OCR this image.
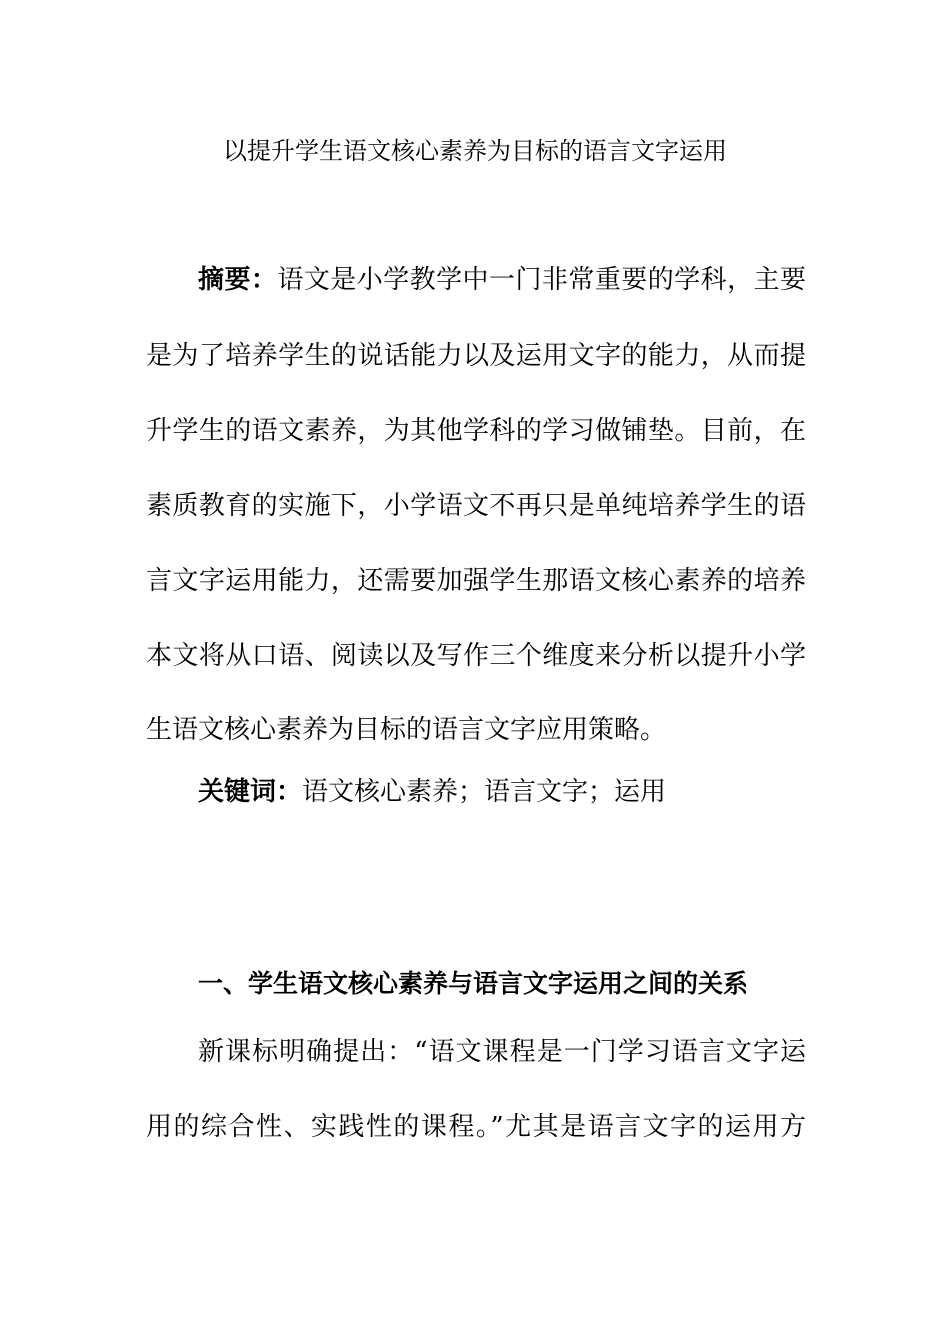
以提升学生语文核心素养为目标的语言文字运用
摘要：语文是小学教学中一门非常重要的学科，主要
是为了培养学生的说话能力以及运用文字的能力，从而提
升学生的语文素养，为其他学科的学习做铺垫。目前，在
素质教育的实施下，小学语文不再只是单纯培养学生的语
言文字运用能力，还需要加强学生那语文核心素养的培养
本文将从口语、阅读以及写作三个维度来分析以提升小学
生语文核心素养为目标的语言文字应用策略。
关键词：语文核心素养；语言文字；运用
一、学生语文核心素养与语言文字运用之间的关系
新课标明确提出：“语文课程是一门学习语言文字运
用的综合性、实践性的课程。”尤其是语言文字的运用方
